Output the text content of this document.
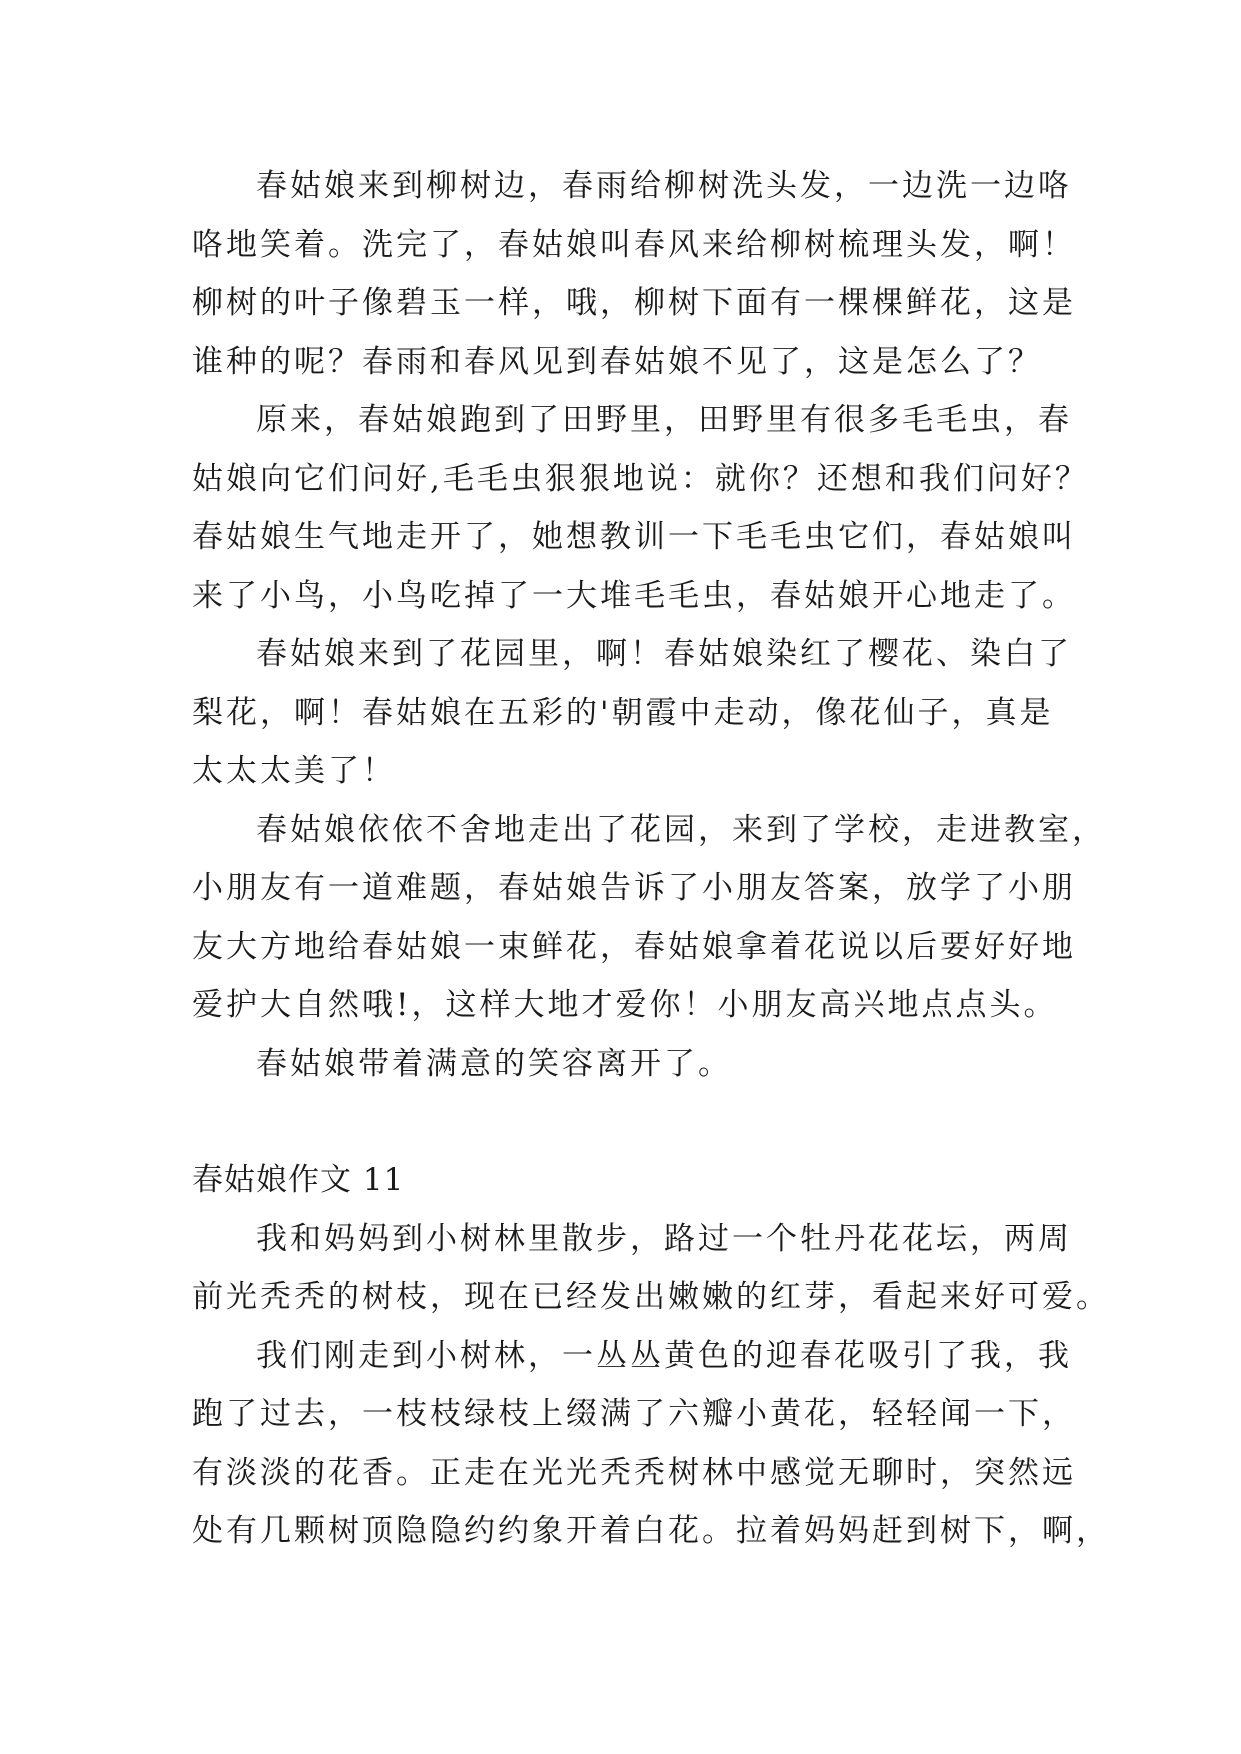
春姑娘来到柳树边，春雨给柳树洗头发，一边洗一边咯
咯地笑着。洗完了，春姑娘叫春风来给柳树梳理头发，啊！
柳树的叶子像碧玉一样，哦，柳树下面有一棵棵鲜花，这是
谁种的呢？春雨和春风见到春姑娘不见了，这是怎么了？
原来，春姑娘跑到了田野里，田野里有很多毛毛虫，春
姑娘向它们问好,毛毛虫狠狠地说：就你？还想和我们问好？
春姑娘生气地走开了，她想教训一下毛毛虫它们，春姑娘叫
来了小鸟，小鸟吃掉了一大堆毛毛虫，春姑娘开心地走了。
春姑娘来到了花园里，啊！春姑娘染红了樱花、染白了
梨花，啊！春姑娘在五彩的'朝霞中走动，像花仙子，真是
太太太美了！
春姑娘依依不舍地走出了花园，来到了学校，走进教室，
小朋友有一道难题，春姑娘告诉了小朋友答案，放学了小朋
友大方地给春姑娘一束鲜花，春姑娘拿着花说以后要好好地
爱护大自然哦!，这样大地才爱你！小朋友高兴地点点头。
春姑娘带着满意的笑容离开了。
春姑娘作文 11
我和妈妈到小树林里散步，路过一个牡丹花花坛，两周
前光秃秃的树枝，现在已经发出嫩嫩的红芽，看起来好可爱。
我们刚走到小树林，一丛丛黄色的迎春花吸引了我，我
跑了过去，一枝枝绿枝上缀满了六瓣小黄花，轻轻闻一下，
有淡淡的花香。正走在光光秃秃树林中感觉无聊时，突然远
处有几颗树顶隐隐约约象开着白花。拉着妈妈赶到树下，啊，
